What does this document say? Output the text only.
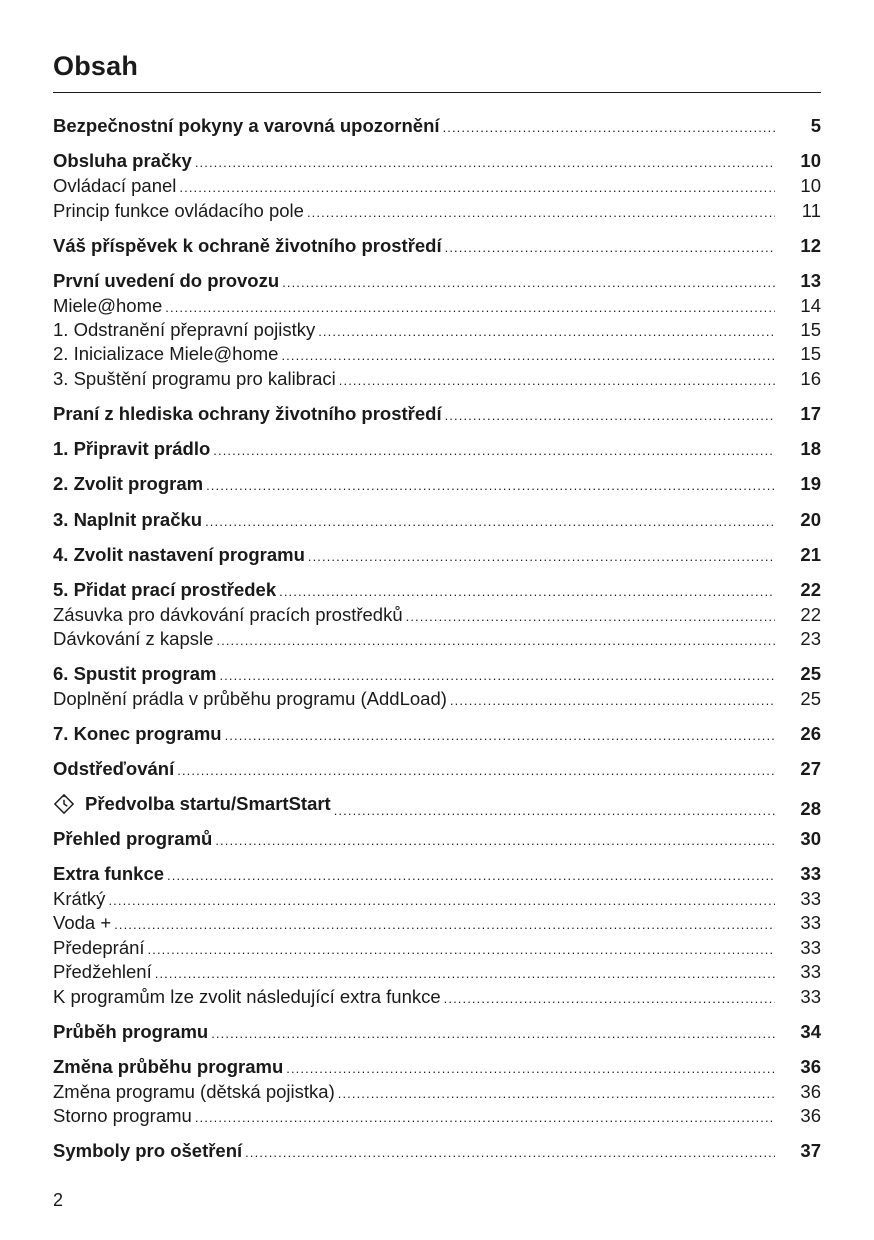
Obsah
Bezpečnostní pokyny a varovná upozornění .....	5
Obsluha pračky .....	10
Ovládací panel .....	10
Princip funkce ovládacího pole .....	11
Váš příspěvek k ochraně životního prostředí .....	12
První uvedení do provozu .....	13
Miele@home .....	14
1. Odstranění přepravní pojistky .....	15
2. Inicializace Miele@home .....	15
3. Spuštění programu pro kalibraci .....	16
Praní z hlediska ochrany životního prostředí .....	17
1. Připravit prádlo .....	18
2. Zvolit program .....	19
3. Naplnit pračku .....	20
4. Zvolit nastavení programu .....	21
5. Přidat prací prostředek .....	22
Zásuvka pro dávkování pracích prostředků .....	22
Dávkování z kapsle .....	23
6. Spustit program .....	25
Doplnění prádla v průběhu programu (AddLoad) .....	25
7. Konec programu .....	26
Odstřeďování .....	27
Předvolba startu/SmartStart .....	28
Přehled programů .....	30
Extra funkce .....	33
Krátký .....	33
Voda + .....	33
Předeprání .....	33
Předžehlení .....	33
K programům lze zvolit následující extra funkce .....	33
Průběh programu .....	34
Změna průběhu programu .....	36
Změna programu (dětská pojistka) .....	36
Storno programu .....	36
Symboly pro ošetření .....	37
2
